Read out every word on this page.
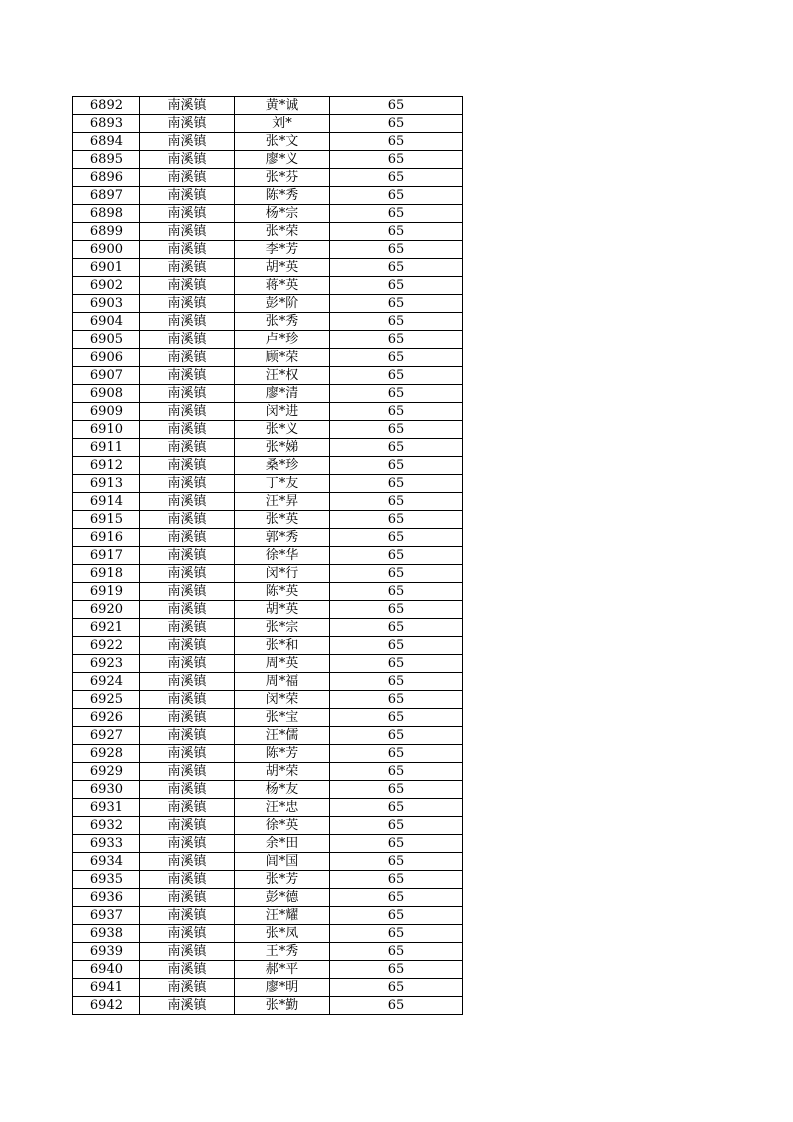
6892	南溪镇	黄*诚	65
6893	南溪镇	刘*	65
6894	南溪镇	张*文	65
6895	南溪镇	廖*义	65
6896	南溪镇	张*芬	65
6897	南溪镇	陈*秀	65
6898	南溪镇	杨*宗	65
6899	南溪镇	张*荣	65
6900	南溪镇	李*芳	65
6901	南溪镇	胡*英	65
6902	南溪镇	蒋*英	65
6903	南溪镇	彭*阶	65
6904	南溪镇	张*秀	65
6905	南溪镇	卢*珍	65
6906	南溪镇	顾*荣	65
6907	南溪镇	汪*权	65
6908	南溪镇	廖*清	65
6909	南溪镇	闵*进	65
6910	南溪镇	张*义	65
6911	南溪镇	张*娣	65
6912	南溪镇	桑*珍	65
6913	南溪镇	丁*友	65
6914	南溪镇	汪*昇	65
6915	南溪镇	张*英	65
6916	南溪镇	郭*秀	65
6917	南溪镇	徐*华	65
6918	南溪镇	闵*行	65
6919	南溪镇	陈*英	65
6920	南溪镇	胡*英	65
6921	南溪镇	张*宗	65
6922	南溪镇	张*和	65
6923	南溪镇	周*英	65
6924	南溪镇	周*福	65
6925	南溪镇	闵*荣	65
6926	南溪镇	张*宝	65
6927	南溪镇	汪*儒	65
6928	南溪镇	陈*芳	65
6929	南溪镇	胡*荣	65
6930	南溪镇	杨*友	65
6931	南溪镇	汪*忠	65
6932	南溪镇	徐*英	65
6933	南溪镇	余*田	65
6934	南溪镇	闾*国	65
6935	南溪镇	张*芳	65
6936	南溪镇	彭*德	65
6937	南溪镇	汪*耀	65
6938	南溪镇	张*凤	65
6939	南溪镇	王*秀	65
6940	南溪镇	郝*平	65
6941	南溪镇	廖*明	65
6942	南溪镇	张*勤	65
